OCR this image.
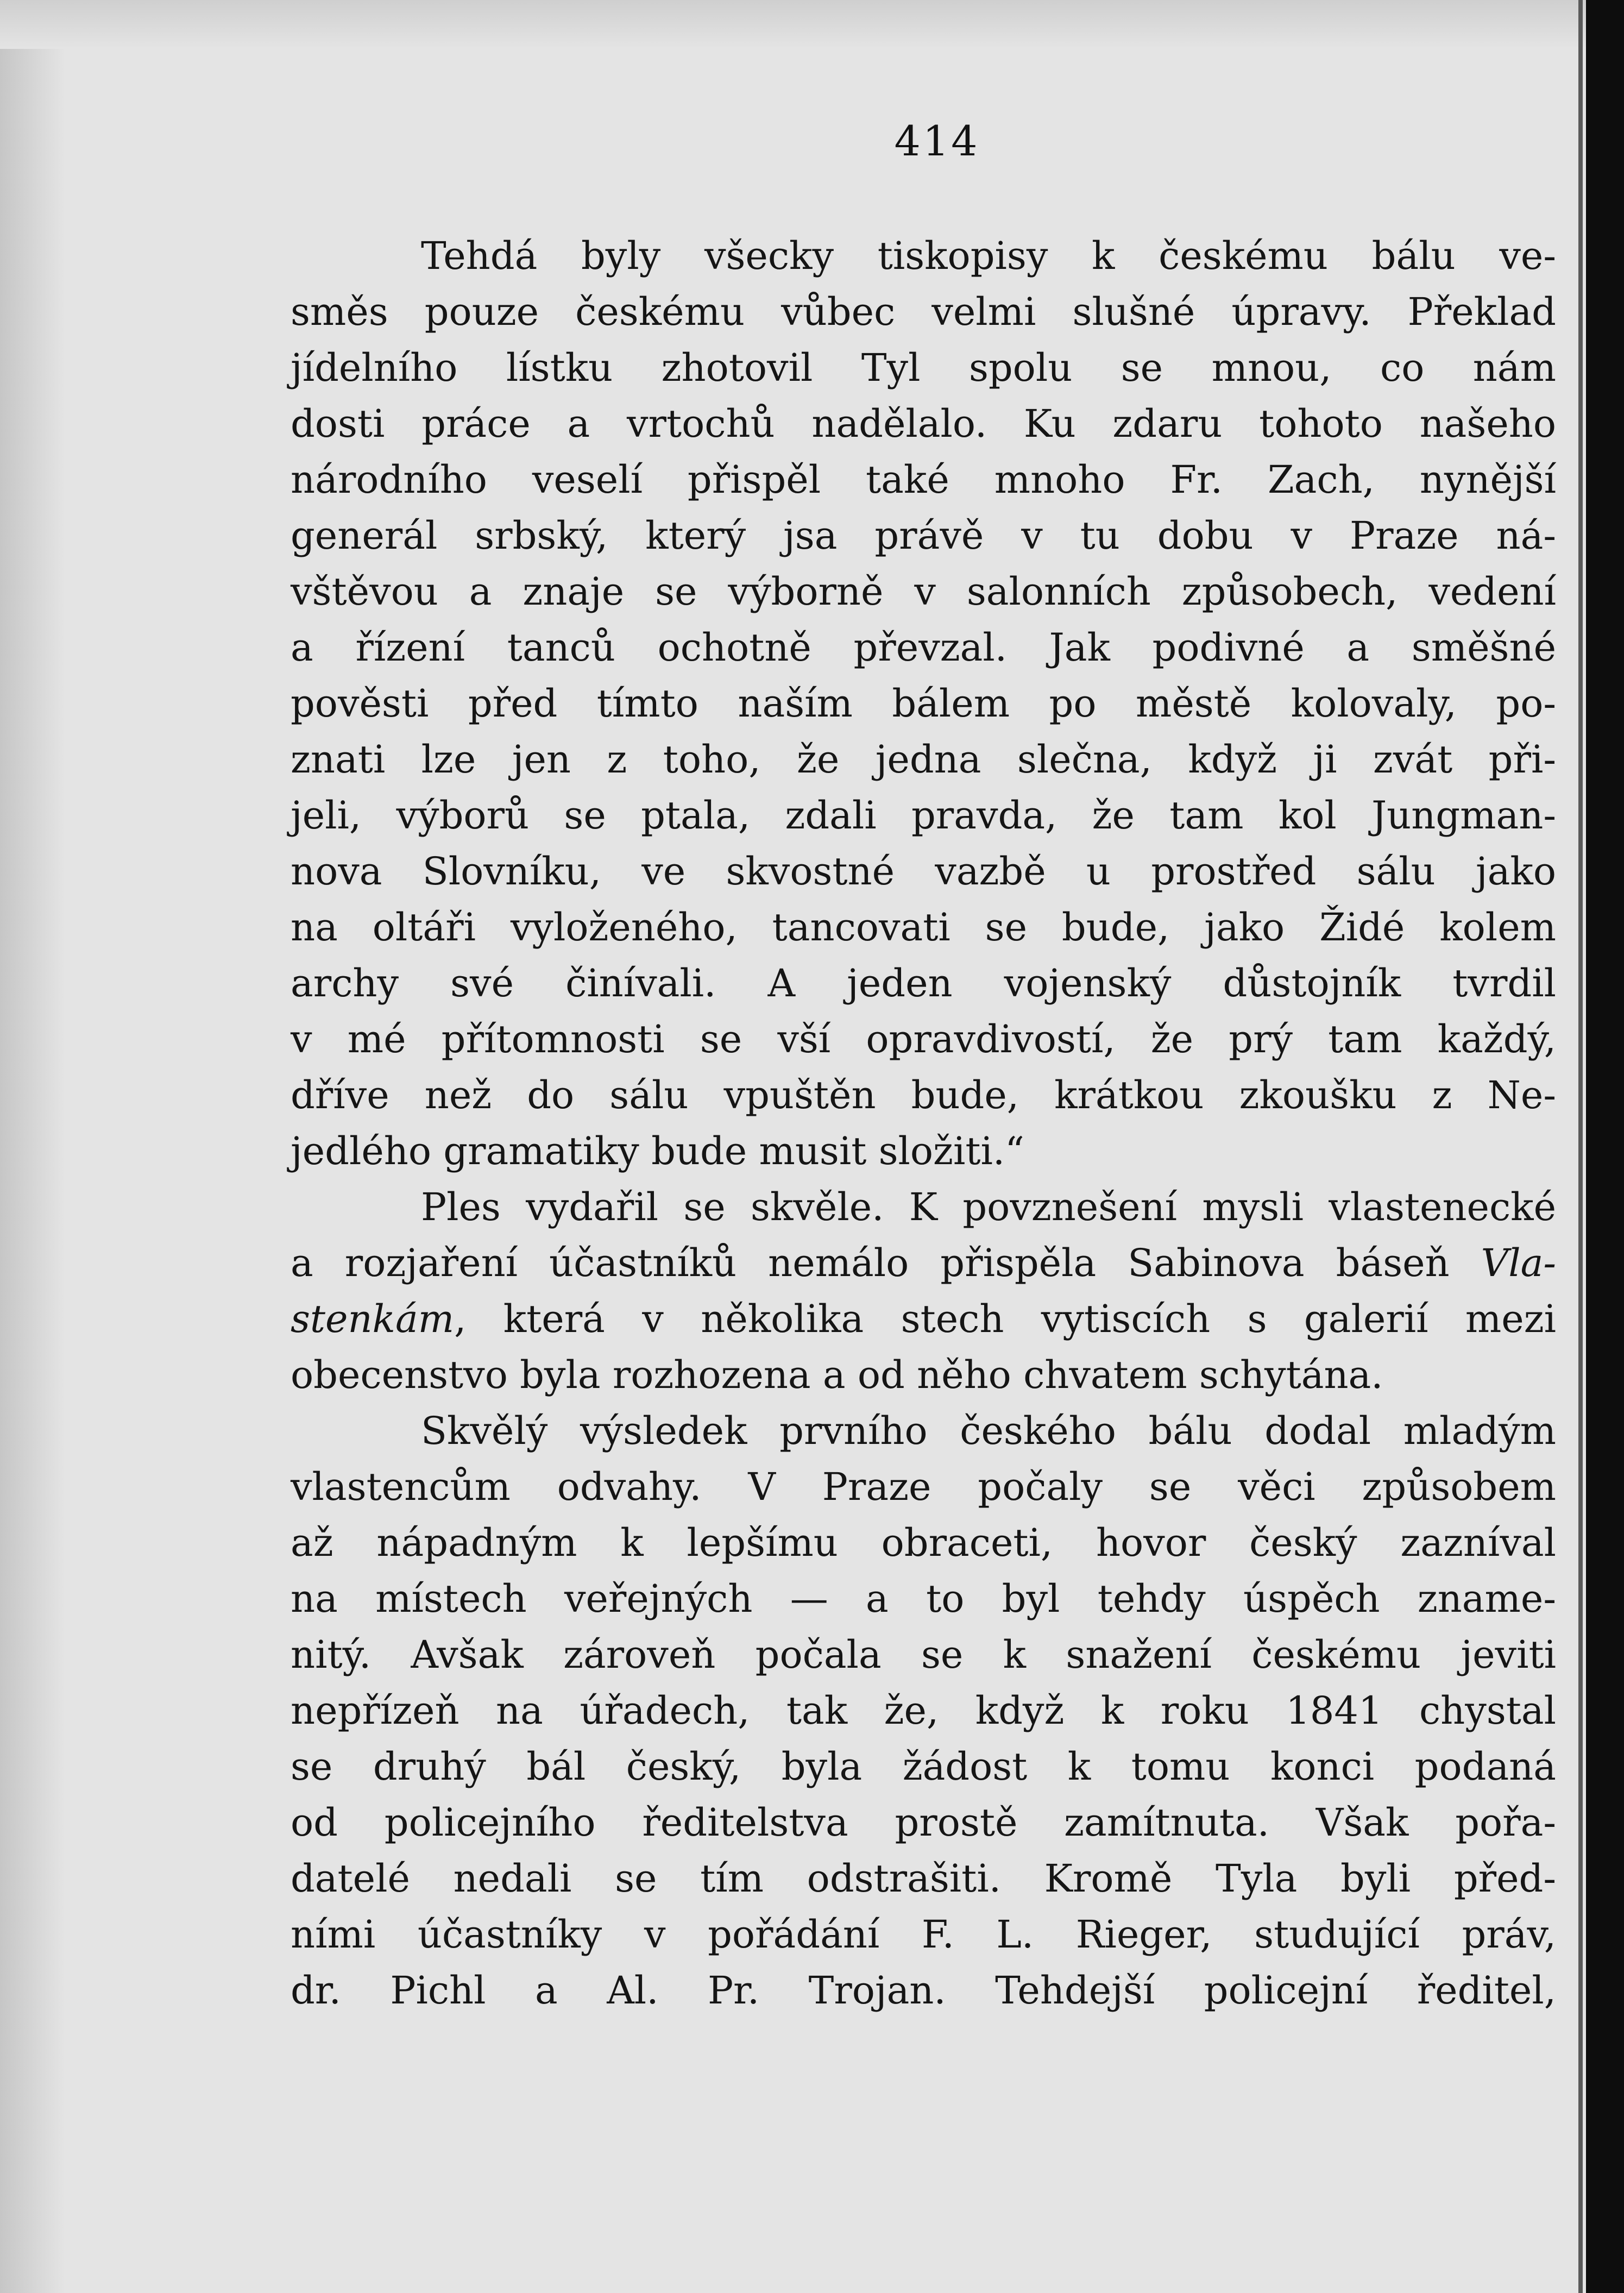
414
Tehdá byly všecky tiskopisy k českému bálu ve-
směs pouze českému vůbec velmi slušné úpravy. Překlad
jídelního lístku zhotovil Tyl spolu se mnou, co nám
dosti práce a vrtochů nadělalo. Ku zdaru tohoto našeho
národního veselí přispěl také mnoho Fr. Zach, nynější
generál srbský, který jsa právě v tu dobu v Praze ná-
vštěvou a znaje se výborně v salonních způsobech, vedení
a řízení tanců ochotně převzal. Jak podivné a směšné
pověsti před tímto naším bálem po městě kolovaly, po-
znati lze jen z toho, že jedna slečna, když ji zvát při-
jeli, výborů se ptala, zdali pravda, že tam kol Jungman-
nova Slovníku, ve skvostné vazbě u prostřed sálu jako
na oltáři vyloženého, tancovati se bude, jako Židé kolem
archy své činívali. A jeden vojenský důstojník tvrdil
v mé přítomnosti se vší opravdivostí, že prý tam každý,
dříve než do sálu vpuštěn bude, krátkou zkoušku z Ne-
jedlého gramatiky bude musit složiti.“
Ples vydařil se skvěle. K povznešení mysli vlastenecké
a rozjaření účastníků nemálo přispěla Sabinova báseň Vla-
stenkám, která v několika stech vytiscích s galerií mezi
obecenstvo byla rozhozena a od něho chvatem schytána.
Skvělý výsledek prvního českého bálu dodal mladým
vlastencům odvahy. V Praze počaly se věci způsobem
až nápadným k lepšímu obraceti, hovor český zazníval
na místech veřejných — a to byl tehdy úspěch zname-
nitý. Avšak zároveň počala se k snažení českému jeviti
nepřízeň na úřadech, tak že, když k roku 1841 chystal
se druhý bál český, byla žádost k tomu konci podaná
od policejního ředitelstva prostě zamítnuta. Však pořa-
datelé nedali se tím odstrašiti. Kromě Tyla byli před-
ními účastníky v pořádání F. L. Rieger, studující práv,
dr. Pichl a Al. Pr. Trojan. Tehdejší policejní ředitel,
